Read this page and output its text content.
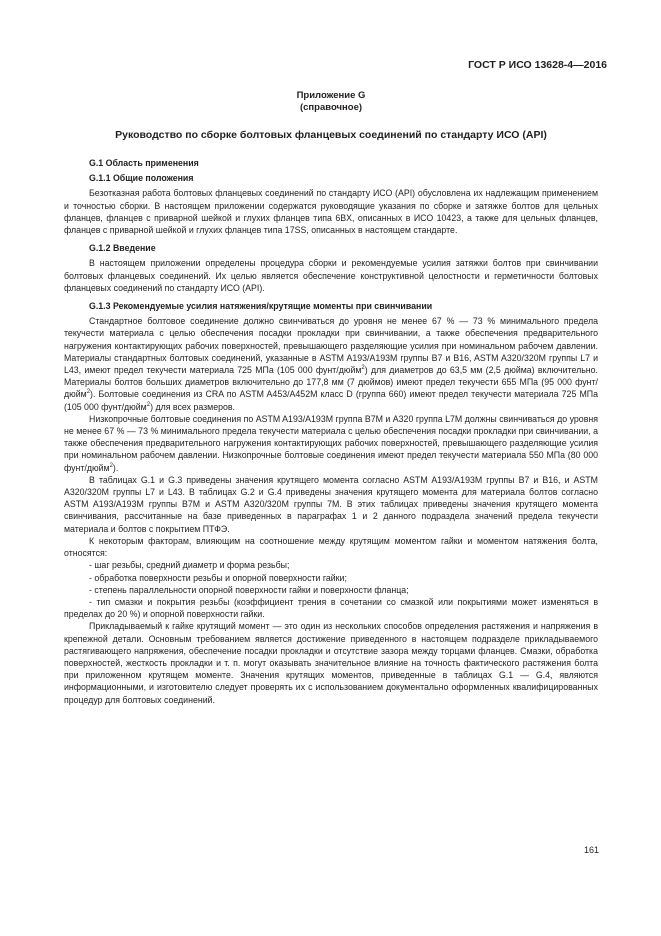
ГОСТ Р ИСО 13628-4—2016

Приложение G

(справочное)

Руководство по сборке болтовых фланцевых соединений по стандарту ИСО (API)
G.1 Область применения
G.1.1 Общие положения

Безотказная работа болтовых фланцевых соединений по стандарту ИСО (API) обусловлена их надлежащим применением и точностью сборки. В настоящем приложении содержатся руководящие указания по сборке и затяжке болтов для цельных фланцев, фланцев с приварной шейкой и глухих фланцев типа 6BX, описанных в ИСО 10423, а также для цельных фланцев, фланцев с приварной шейкой и глухих фланцев типа 17SS, описанных в настоящем стандарте.

G.1.2 Введение

В настоящем приложении определены процедура сборки и рекомендуемые усилия затяжки болтов при свинчивании болтовых фланцевых соединений. Их целью является обеспечение конструктивной целостности и герметичности болтовых фланцевых соединений по стандарту ИСО (API).

G.1.3 Рекомендуемые усилия натяжения/крутящие моменты при свинчивании

Стандартное болтовое соединение должно свинчиваться до уровня не менее 67 % — 73 % минимального предела текучести материала с целью обеспечения посадки прокладки при свинчивании, а также обеспечения предварительного нагружения контактирующих рабочих поверхностей, превышающего разделяющие усилия при номинальном рабочем давлении. Материалы стандартных болтовых соединений, указанные в ASTM A193/A193M группы B7 и B16, ASTM A320/320M группы L7 и L43, имеют предел текучести материала 725 МПа (105 000 фунт/дюйм$^2$) для диаметров до 63,5 мм (2,5 дюйма) включительно. Материалы болтов больших диаметров включительно до 177,8 мм (7 дюймов) имеют предел текучести 655 МПа (95 000 фунт/дюйм$^2$). Болтовые соединения из CRA по ASTM A453/A452M класс D (группа 660) имеют предел текучести материала 725 МПа (105 000 фунт/дюйм$^2$) для всех размеров.

Низкопрочные болтовые соединения по ASTM A193/A193M группа B7M и A320 группа L7M должны свинчиваться до уровня не менее 67 % — 73 % минимального предела текучести материала с целью обеспечения посадки прокладки при свинчивании, а также обеспечения предварительного нагружения контактирующих рабочих поверхностей, превышающего разделяющие усилия при номинальном рабочем давлении. Низкопрочные болтовые соединения имеют предел текучести материала 550 МПа (80 000 фунт/дюйм$^2$).

В таблицах G.1 и G.3 приведены значения крутящего момента согласно ASTM A193/A193M группы B7 и B16, и ASTM A320/320M группы L7 и L43. В таблицах G.2 и G.4 приведены значения крутящего момента для материала болтов согласно ASTM A193/A193M группы B7M и ASTM A320/320M группы 7M. В этих таблицах приведены значения крутящего момента свинчивания, рассчитанные на базе приведенных в параграфах 1 и 2 данного подраздела значений предела текучести материала и болтов с покрытием ПТФЭ.

К некоторым факторам, влияющим на соотношение между крутящим моментом гайки и моментом натяжения болта, относятся:

- шаг резьбы, средний диаметр и форма резьбы;
- обработка поверхности резьбы и опорной поверхности гайки;
- степень параллельности опорной поверхности гайки и поверхности фланца;
- тип смазки и покрытия резьбы (коэффициент трения в сочетании со смазкой или покрытиями может изменяться в пределах до 20 %) и опорной поверхности гайки.

Прикладываемый к гайке крутящий момент — это один из нескольких способов определения растяжения и напряжения в крепежной детали. Основным требованием является достижение приведенного в настоящем подразделе прикладываемого растягивающего напряжения, обеспечение посадки прокладки и отсутствие зазора между торцами фланцев. Смазки, обработка поверхностей, жесткость прокладки и т. п. могут оказывать значительное влияние на точность фактического растяжения болта при приложенном крутящем моменте. Значения крутящих моментов, приведенные в таблицах G.1 — G.4, являются информационными, и изготовителю следует проверять их с использованием документально оформленных квалифицированных процедур для болтовых соединений.

161
